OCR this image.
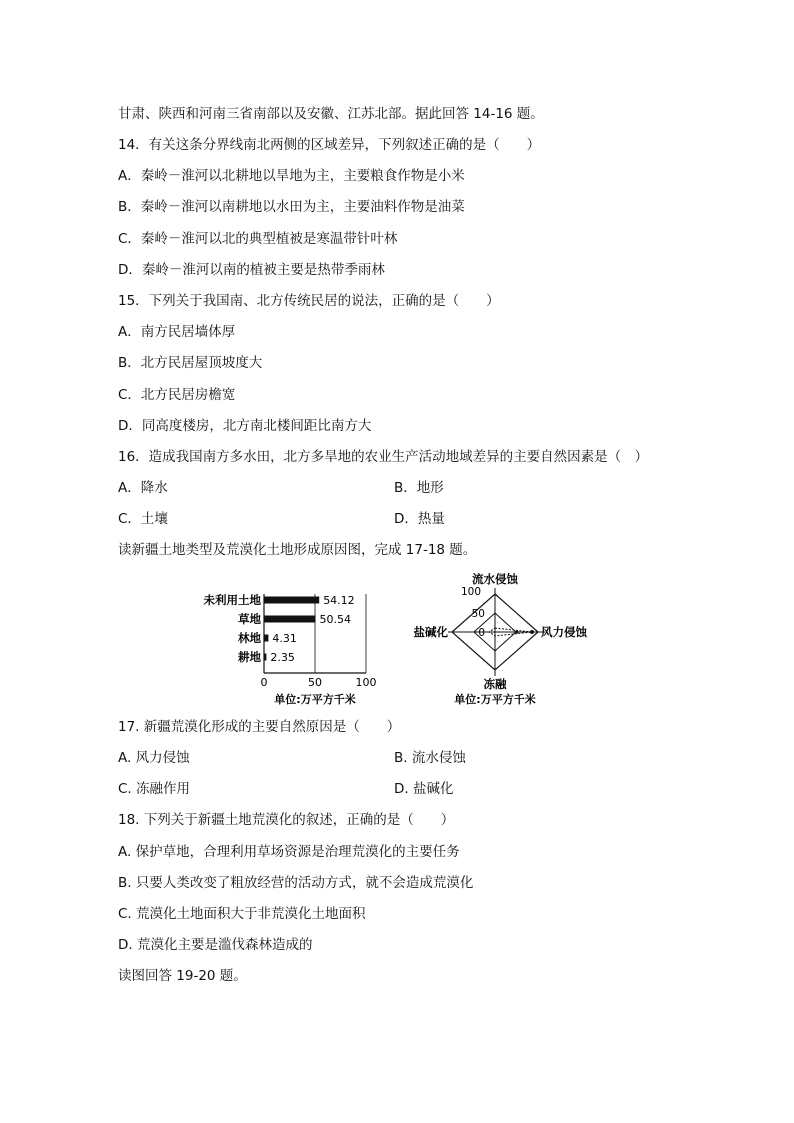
甘肃、陕西和河南三省南部以及安徽、江苏北部。据此回答 14-16 题。
14．有关这条分界线南北两侧的区域差异，下列叙述正确的是（　　）
A．秦岭－淮河以北耕地以旱地为主，主要粮食作物是小米
B．秦岭－淮河以南耕地以水田为主，主要油料作物是油菜
C．秦岭－淮河以北的典型植被是寒温带针叶林
D．秦岭－淮河以南的植被主要是热带季雨林
15．下列关于我国南、北方传统民居的说法，正确的是（　　）
A．南方民居墙体厚
B．北方民居屋顶坡度大
C．北方民居房檐宽
D．同高度楼房，北方南北楼间距比南方大
16．造成我国南方多水田，北方多旱地的农业生产活动地域差异的主要自然因素是（　）
A．降水	B．地形
C．土壤	D．热量
读新疆土地类型及荒漠化土地形成原因图，完成 17-18 题。
未利用土地	54.12
草地	50.54
林地 4.31
耕地 2.35
0	50	100
单位:万平方千米
100
50
0
流水侵蚀
风力侵蚀
冻融
盐碱化
单位:万平方千米
17. 新疆荒漠化形成的主要自然原因是（　　）
A. 风力侵蚀	B. 流水侵蚀
C. 冻融作用	D. 盐碱化
18. 下列关于新疆土地荒漠化的叙述，正确的是（　　）
A. 保护草地，合理利用草场资源是治理荒漠化的主要任务
B. 只要人类改变了粗放经营的活动方式，就不会造成荒漠化
C. 荒漠化土地面积大于非荒漠化土地面积
D. 荒漠化主要是滥伐森林造成的
读图回答 19-20 题。
